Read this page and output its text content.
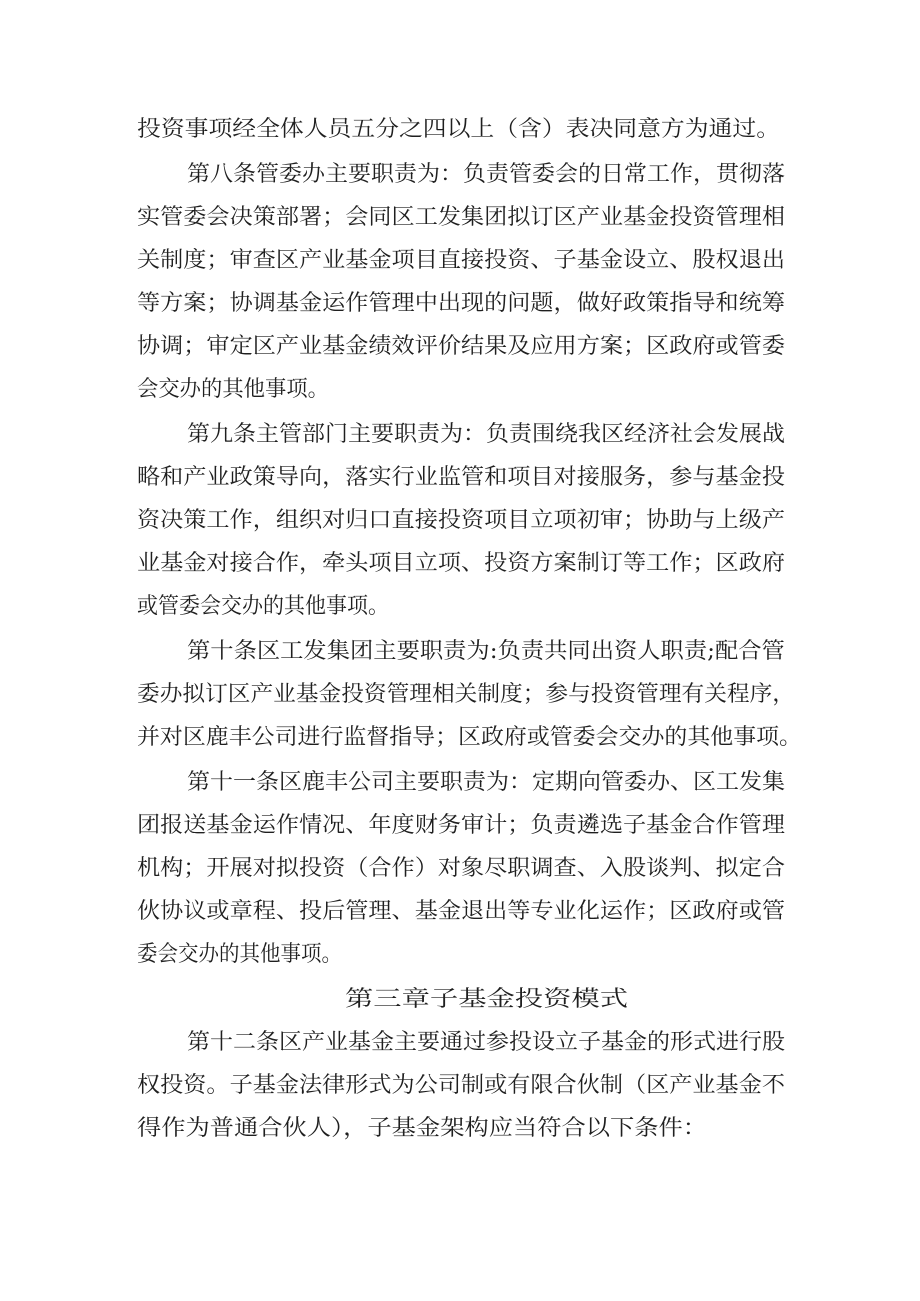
投资事项经全体人员五分之四以上（含）表决同意方为通过。

第八条管委办主要职责为：负责管委会的日常工作，贯彻落

实管委会决策部署；会同区工发集团拟订区产业基金投资管理相

关制度；审查区产业基金项目直接投资、子基金设立、股权退出

等方案；协调基金运作管理中出现的问题，做好政策指导和统筹

协调；审定区产业基金绩效评价结果及应用方案；区政府或管委

会交办的其他事项。

第九条主管部门主要职责为：负责围绕我区经济社会发展战

略和产业政策导向，落实行业监管和项目对接服务，参与基金投

资决策工作，组织对归口直接投资项目立项初审；协助与上级产

业基金对接合作，牵头项目立项、投资方案制订等工作；区政府

或管委会交办的其他事项。

第十条区工发集团主要职责为:负责共同出资人职责;配合管

委办拟订区产业基金投资管理相关制度；参与投资管理有关程序，

并对区鹿丰公司进行监督指导；区政府或管委会交办的其他事项。

第十一条区鹿丰公司主要职责为：定期向管委办、区工发集

团报送基金运作情况、年度财务审计；负责遴选子基金合作管理

机构；开展对拟投资（合作）对象尽职调查、入股谈判、拟定合

伙协议或章程、投后管理、基金退出等专业化运作；区政府或管

委会交办的其他事项。

第三章子基金投资模式

第十二条区产业基金主要通过参投设立子基金的形式进行股

权投资。子基金法律形式为公司制或有限合伙制（区产业基金不

得作为普通合伙人），子基金架构应当符合以下条件：
